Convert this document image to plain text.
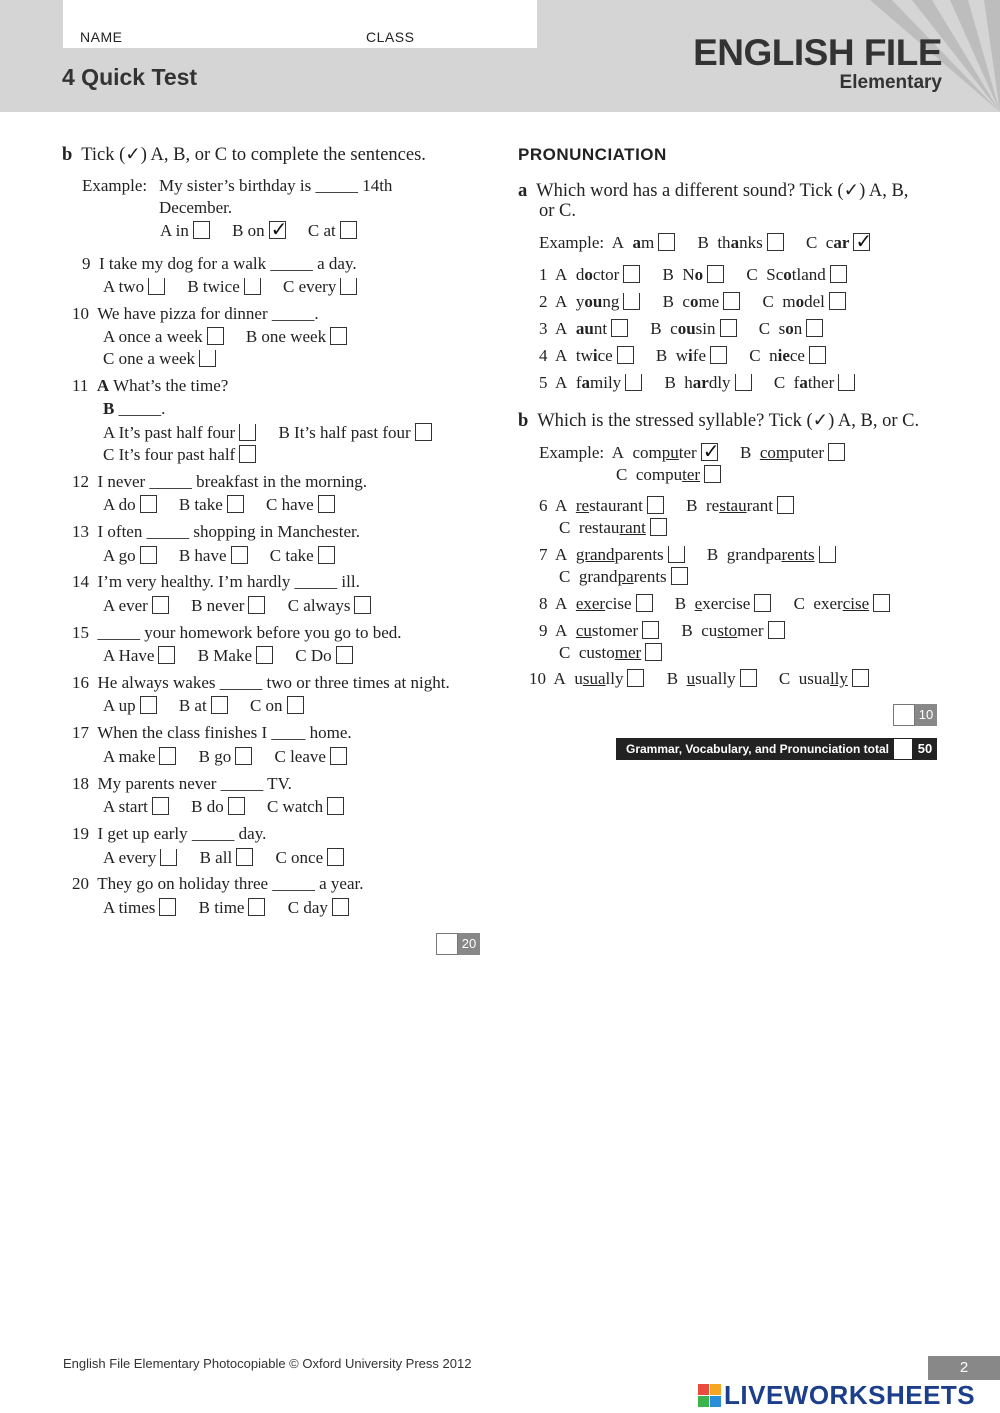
NAME	CLASS
4 Quick Test
ENGLISH FILE
Elementary
b Tick (✓) A, B, or C to complete the sentences.
Example: My sister’s birthday is _____ 14th
December.
A in	B on✓	C at
9 I take my dog for a walk _____ a day.
A two	B twice	C every
10 We have pizza for dinner _____.
A once a week	B one week
C one a week
11 A What’s the time?
B _____.
A It’s past half four	B It’s half past four
C It’s four past half
12 I never _____ breakfast in the morning.
A do	B take	C have
13 I often _____ shopping in Manchester.
A go	B have	C take
14 I’m very healthy. I’m hardly _____ ill.
A ever	B never	C always
15 _____ your homework before you go to bed.
A Have	B Make	C Do
16 He always wakes _____ two or three times at night.
A up	B at	C on
17 When the class finishes I ____ home.
A make	B go	C leave
18 My parents never _____ TV.
A start	B do	C watch
19 I get up early _____ day.
A every	B all	C once
20 They go on holiday three _____ a year.
A times	B time	C day
20
PRONUNCIATION
a Which word has a different sound? Tick (✓) A, B,
or C.
Example: A am	B thanks	C car✓
1  A  doctor B  No C  Scotland
2  A  young B  come C  model
3  A  aunt B  cousin C  son
4  A  twice B  wife C  niece
5  A  family B  hardly C  father
b Which is the stressed syllable? Tick (✓) A, B, or C.
Example:  A  computer✓ B  computer
C  computer
6  A  restaurant B  restaurant
C  restaurant
7  A  grandparents B  grandparents
C  grandparents
8  A  exercise B  exercise C  exercise
9  A  customer B  customer
C  customer
10  A  usually B  usually C  usually
10
Grammar, Vocabulary, and Pronunciation total	50
English File Elementary Photocopiable © Oxford University Press 2012	2
LIVEWORKSHEETS
